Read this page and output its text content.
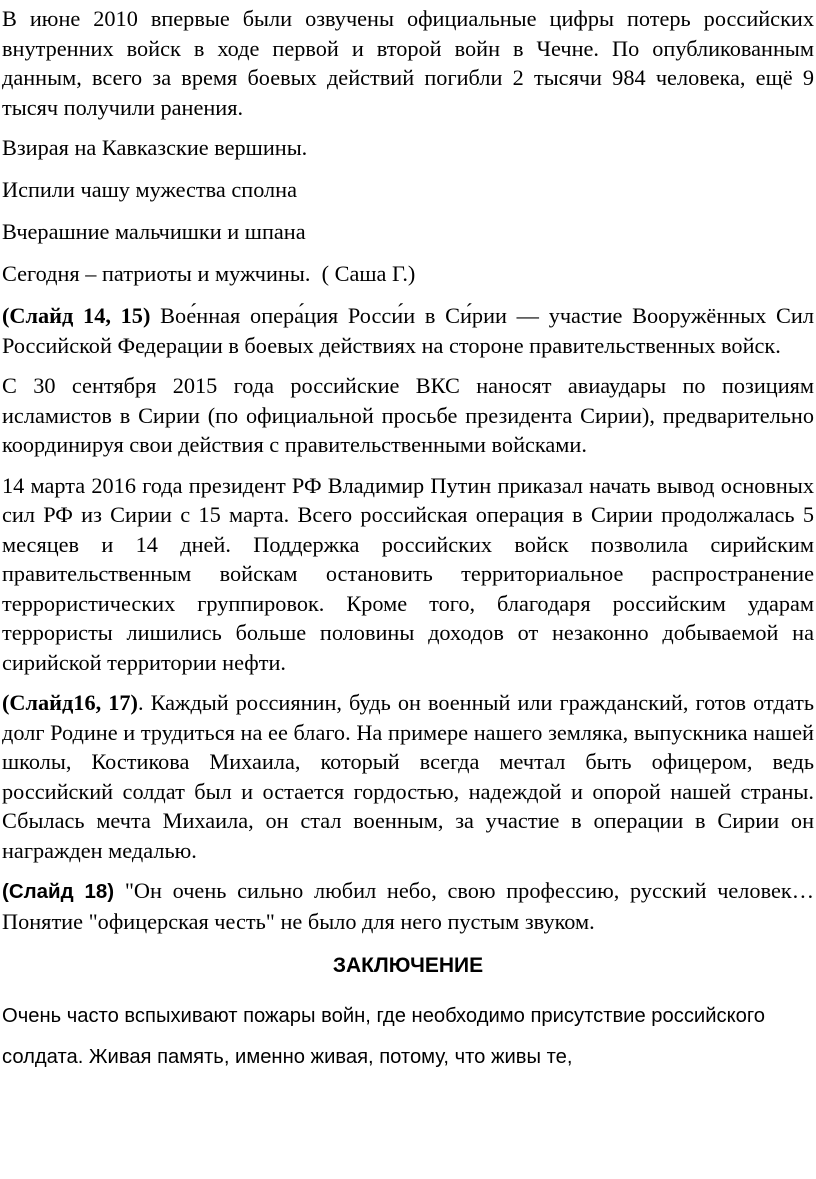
В июне 2010 впервые были озвучены официальные цифры потерь российских внутренних войск в ходе первой и второй войн в Чечне. По опубликованным данным, всего за время боевых действий погибли 2 тысячи 984 человека, ещё 9 тысяч получили ранения.

Взирая на Кавказские вершины.

Испили чашу мужества сполна

Вчерашние мальчишки и шпана

Сегодня – патриоты и мужчины.  ( Саша Г.)

(Слайд 14, 15) Вое́нная опера́ция Росси́и в Си́рии — участие Вооружённых Сил Российской Федерации в боевых действиях на стороне правительственных войск.

С 30 сентября 2015 года российские ВКС наносят авиаудары по позициям исламистов в Сирии (по официальной просьбе президента Сирии), предварительно координируя свои действия с правительственными войсками.

14 марта 2016 года президент РФ Владимир Путин приказал начать вывод основных сил РФ из Сирии с 15 марта. Всего российская операция в Сирии продолжалась 5 месяцев и 14 дней. Поддержка российских войск позволила сирийским правительственным войскам остановить территориальное распространение террористических группировок. Кроме того, благодаря российским ударам террористы лишились больше половины доходов от незаконно добываемой на сирийской территории нефти.

(Слайд16, 17). Каждый россиянин, будь он военный или гражданский, готов отдать долг Родине и трудиться на ее благо. На примере нашего земляка, выпускника нашей школы, Костикова Михаила, который всегда мечтал быть офицером, ведь российский солдат был и остается гордостью, надеждой и опорой нашей страны. Сбылась мечта Михаила, он стал военным, за участие в операции в Сирии он награжден медалью.

(Слайд 18) "Он очень сильно любил небо, свою профессию, русский человек… Понятие "офицерская честь" не было для него пустым звуком.

ЗАКЛЮЧЕНИЕ

Очень часто вспыхивают пожары войн, где необходимо присутствие российского солдата. Живая память, именно живая, потому, что живы те,
